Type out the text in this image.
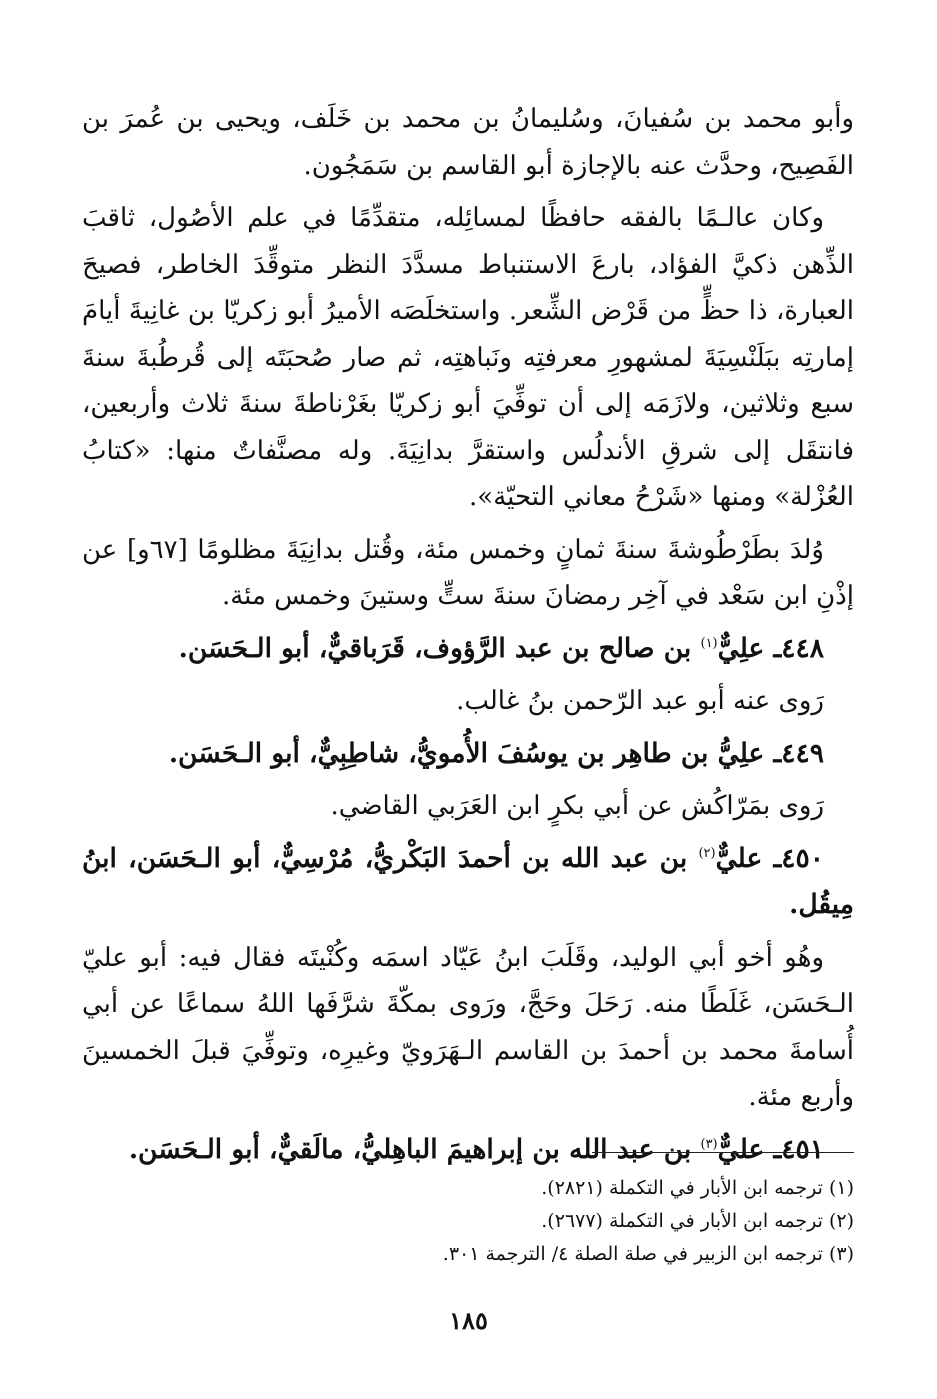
وأبو محمد بن سُفيانَ، وسُليمانُ بن محمد بن خَلَف، ويحيى بن عُمرَ بن الفَصِيح، وحدَّث عنه بالإجازة أبو القاسم بن سَمَجُون.

وكان عالـمًا بالفقه حافظًا لمسائِله، متقدِّمًا في علم الأصُول، ثاقبَ الذِّهن ذكيَّ الفؤاد، بارعَ الاستنباط مسدَّدَ النظر متوقِّدَ الخاطر، فصيحَ العبارة، ذا حظٍّ من قَرْض الشِّعر. واستخلَصَه الأميرُ أبو زكريّا بن غانِيةَ أيامَ إمارتِه ببَلَنْسِيَةَ لمشهورِ معرفتِه ونَباهتِه، ثم صار صُحبَتَه إلى قُرطُبةَ سنةَ سبع وثلاثين، ولازَمَه إلى أن توفِّيَ أبو زكريّا بغَرْناطةَ سنةَ ثلاث وأربعين، فانتقَل إلى شرقِ الأندلُس واستقرَّ بدانِيَةَ. وله مصنَّفاتٌ منها: «كتابُ العُزْلة» ومنها «شَرْحُ معاني التحيّة».

وُلدَ بطَرْطُوشةَ سنةَ ثمانٍ وخمس مئة، وقُتل بدانِيَةَ مظلومًا [٦٧و] عن إذْنِ ابن سَعْد في آخِر رمضانَ سنةَ ستٍّ وستينَ وخمس مئة.

٤٤٨ـ علِيٌّ$^{(١)}$ بن صالح بن عبد الرَّؤوف، قَرَباقيٌّ، أبو الـحَسَن.

رَوى عنه أبو عبد الرّحمن بنُ غالب.

٤٤٩ـ علِيُّ بن طاهِر بن يوسُفَ الأُمويُّ، شاطِبِيٌّ، أبو الـحَسَن.

رَوى بمَرّاكُش عن أبي بكرٍ ابن العَرَبي القاضي.

٤٥٠ـ عليٌّ$^{(٢)}$ بن عبد الله بن أحمدَ البَكْريُّ، مُرْسِيٌّ، أبو الـحَسَن، ابنُ مِيقُل.

وهُو أخو أبي الوليد، وقَلَبَ ابنُ عَيّاد اسمَه وكُنْيتَه فقال فيه: أبو عليّ الـحَسَن، غَلَطًا منه. رَحَلَ وحَجَّ، ورَوى بمكّةَ شرَّفَها اللهُ سماعًا عن أبي أُسامةَ محمد بن أحمدَ بن القاسم الـهَرَويّ وغيرِه، وتوفِّيَ قبلَ الخمسينَ وأربع مئة.

٤٥١ـ عليٌّ$^{(٣)}$ بن عبد الله بن إبراهيمَ الباهِليُّ، مالَقيٌّ، أبو الـحَسَن.

(١) ترجمه ابن الأبار في التكملة (٢٨٢١).
(٢) ترجمه ابن الأبار في التكملة (٢٦٧٧).
(٣) ترجمه ابن الزبير في صلة الصلة ٤/ الترجمة ٣٠١.
١٨٥
